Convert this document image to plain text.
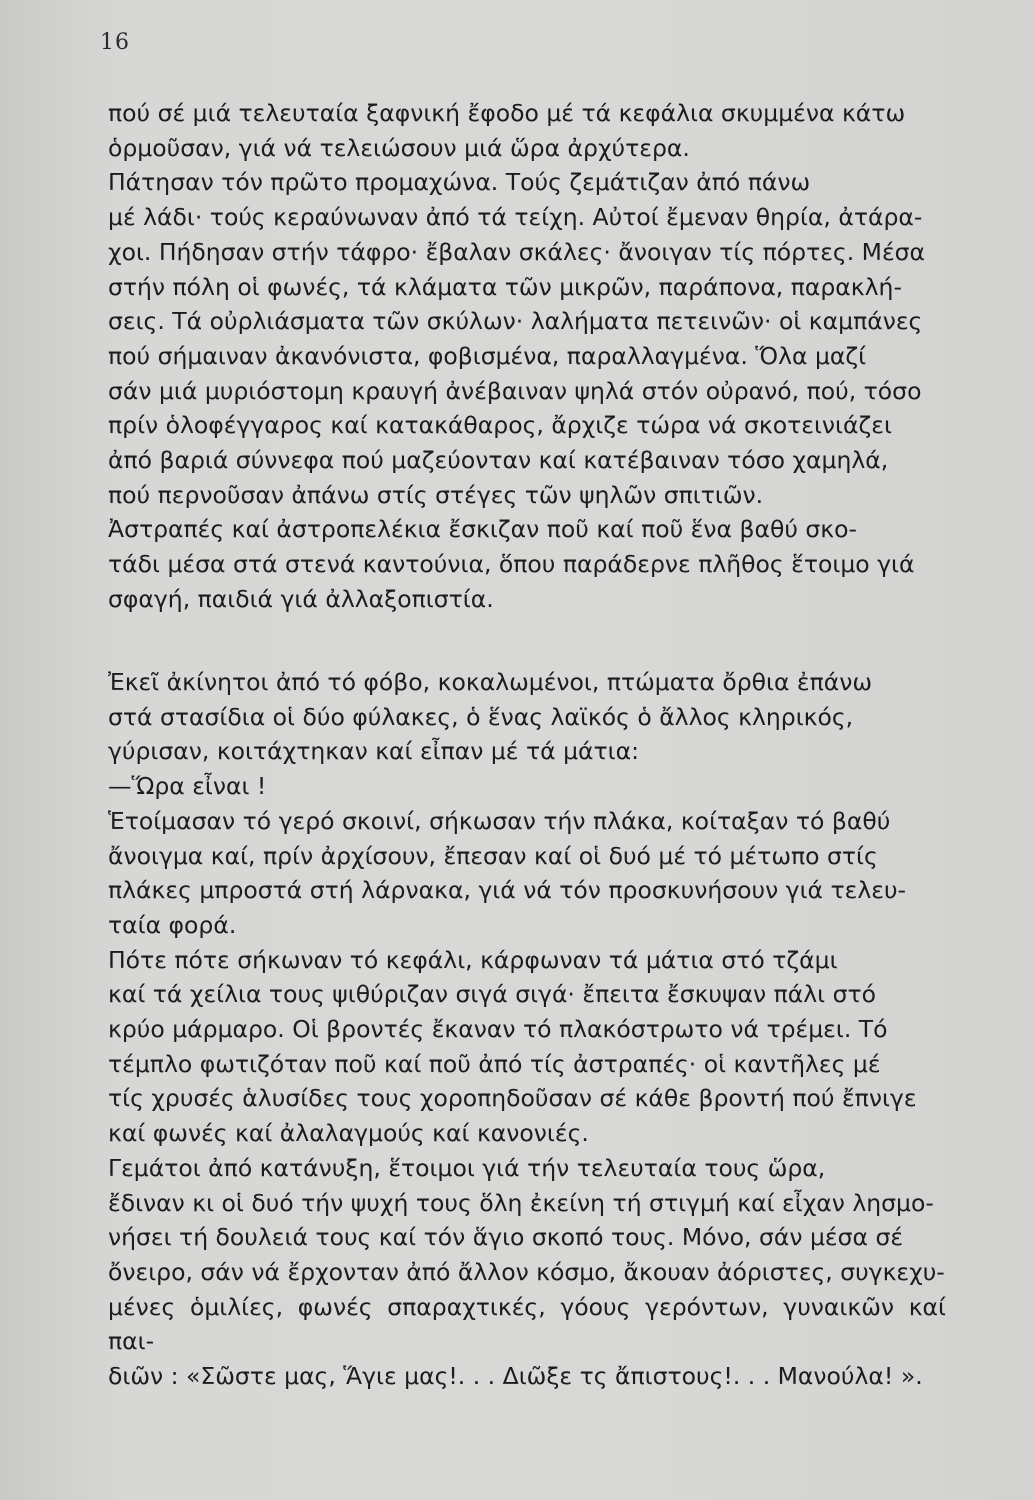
16

πού σέ μιά τελευταία ξαφνική ἔφοδο μέ τά κεφάλια σκυμμένα κάτω
ὁρμοῦσαν, γιά νά τελειώσουν μιά ὥρα ἀρχύτερα.

Πάτησαν τόν πρῶτο προμαχώνα. Τούς ζεμάτιζαν ἀπό πάνω
μέ λάδι· τούς κεραύνωναν ἀπό τά τείχη. Αὐτοί ἔμεναν θηρία, ἀτάρα-
χοι. Πήδησαν στήν τάφρο· ἔβαλαν σκάλες· ἄνοιγαν τίς πόρτες. Μέσα
στήν πόλη οἱ φωνές, τά κλάματα τῶν μικρῶν, παράπονα, παρακλή-
σεις. Τά οὐρλιάσματα τῶν σκύλων· λαλήματα πετεινῶν· οἱ καμπάνες
πού σήμαιναν ἀκανόνιστα, φοβισμένα, παραλλαγμένα. Ὅλα μαζί
σάν μιά μυριόστομη κραυγή ἀνέβαιναν ψηλά στόν οὐρανό, πού, τόσο
πρίν ὁλοφέγγαρος καί κατακάθαρος, ἄρχιζε τώρα νά σκοτεινιάζει
ἀπό βαριά σύννεφα πού μαζεύονταν καί κατέβαιναν τόσο χαμηλά,
πού περνοῦσαν ἀπάνω στίς στέγες τῶν ψηλῶν σπιτιῶν.

Ἀστραπές καί ἀστροπελέκια ἔσκιζαν ποῦ καί ποῦ ἕνα βαθύ σκο-
τάδι μέσα στά στενά καντούνια, ὅπου παράδερνε πλῆθος ἕτοιμο γιά
σφαγή, παιδιά γιά ἀλλαξοπιστία.

Ἐκεῖ ἀκίνητοι ἀπό τό φόβο, κοκαλωμένοι, πτώματα ὄρθια ἐπάνω
στά στασίδια οἱ δύο φύλακες, ὁ ἕνας λαϊκός ὁ ἄλλος κληρικός,
γύρισαν, κοιτάχτηκαν καί εἶπαν μέ τά μάτια:

—Ὥρα εἶναι !

Ἑτοίμασαν τό γερό σκοινί, σήκωσαν τήν πλάκα, κοίταξαν τό βαθύ
ἄνοιγμα καί, πρίν ἀρχίσουν, ἔπεσαν καί οἱ δυό μέ τό μέτωπο στίς
πλάκες μπροστά στή λάρνακα, γιά νά τόν προσκυνήσουν γιά τελευ-
ταία φορά.

Πότε πότε σήκωναν τό κεφάλι, κάρφωναν τά μάτια στό τζάμι
καί τά χείλια τους ψιθύριζαν σιγά σιγά· ἔπειτα ἔσκυψαν πάλι στό
κρύο μάρμαρο. Οἱ βροντές ἔκαναν τό πλακόστρωτο νά τρέμει. Τό
τέμπλο φωτιζόταν ποῦ καί ποῦ ἀπό τίς ἀστραπές· οἱ καντῆλες μέ
τίς χρυσές ἁλυσίδες τους χοροπηδοῦσαν σέ κάθε βροντή πού ἔπνιγε
καί φωνές καί ἀλαλαγμούς καί κανονιές.

Γεμάτοι ἀπό κατάνυξη, ἕτοιμοι γιά τήν τελευταία τους ὥρα,
ἔδιναν κι οἱ δυό τήν ψυχή τους ὅλη ἐκείνη τή στιγμή καί εἶχαν λησμο-
νήσει τή δουλειά τους καί τόν ἅγιο σκοπό τους. Μόνο, σάν μέσα σέ
ὄνειρο, σάν νά ἔρχονταν ἀπό ἄλλον κόσμο, ἄκουαν ἀόριστες, συγκεχυ-
μένες ὁμιλίες, φωνές σπαραχτικές, γόους γερόντων, γυναικῶν καί παι-
διῶν : «Σῶστε μας, Ἅγιε μας!. . . Διῶξε τς ἄπιστους!. . . Μανούλα! ».
